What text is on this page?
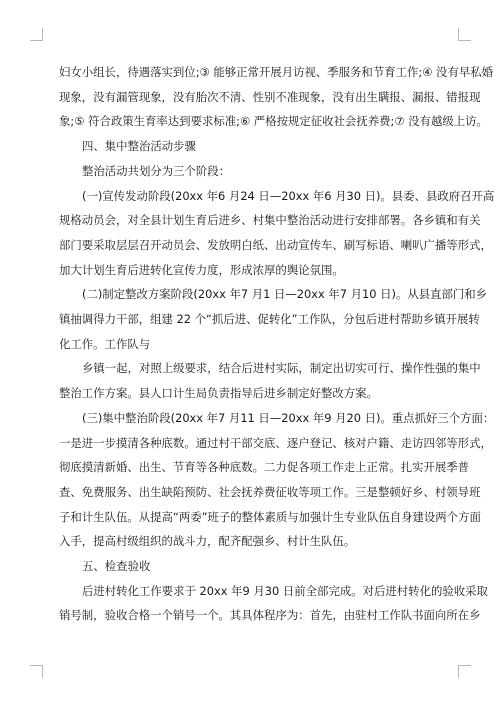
妇女小组长，待遇落实到位;③ 能够正常开展月访视、季服务和节育工作;④ 没有早私婚

现象，没有漏管现象，没有胎次不清、性别不准现象，没有出生瞒报、漏报、错报现

象;⑤ 符合政策生育率达到要求标准;⑥ 严格按规定征收社会抚养费;⑦ 没有越级上访。

四、集中整治活动步骤

整治活动共划分为三个阶段：

(一)宣传发动阶段(20xx 年6 月24 日—20xx 年6 月30 日)。县委、县政府召开高

规格动员会，对全县计划生育后进乡、村集中整治活动进行安排部署。各乡镇和有关

部门要采取层层召开动员会、发放明白纸、出动宣传车、刷写标语、喇叭广播等形式，

加大计划生育后进转化宣传力度，形成浓厚的舆论氛围。

(二)制定整改方案阶段(20xx 年7 月1 日—20xx 年7 月10 日)。从县直部门和乡

镇抽调得力干部，组建 22 个“抓后进、促转化”工作队，分包后进村帮助乡镇开展转

化工作。工作队与

乡镇一起，对照上级要求，结合后进村实际，制定出切实可行、操作性强的集中

整治工作方案。县人口计生局负责指导后进乡制定好整改方案。

(三)集中整治阶段(20xx 年7 月11 日—20xx 年9 月20 日)。重点抓好三个方面：

一是进一步摸清各种底数。通过村干部交底、逐户登记、核对户籍、走访四邻等形式，

彻底摸清新婚、出生、节育等各种底数。二力促各项工作走上正常。扎实开展季普

查、免费服务、出生缺陷预防、社会抚养费征收等项工作。三是整顿好乡、村领导班

子和计生队伍。从提高“两委”班子的整体素质与加强计生专业队伍自身建设两个方面

入手，提高村级组织的战斗力，配齐配强乡、村计生队伍。

五、检查验收

后进村转化工作要求于 20xx 年9 月30 日前全部完成。对后进村转化的验收采取

销号制，验收合格一个销号一个。其具体程序为：首先，由驻村工作队书面向所在乡
